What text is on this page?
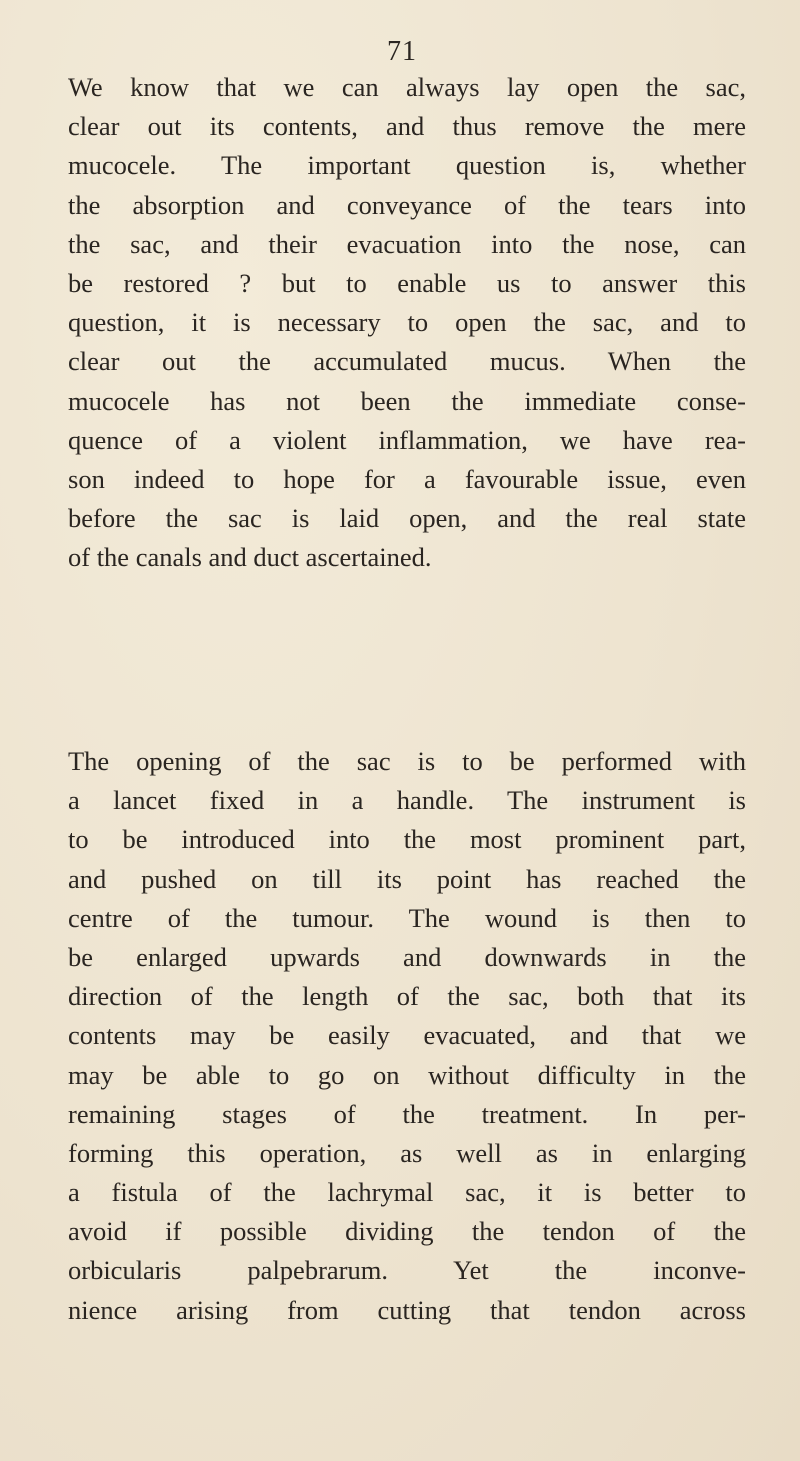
71
We know that we can always lay open the sac,
clear out its contents, and thus remove the mere
mucocele. The important question is, whether
the absorption and conveyance of the tears into
the sac, and their evacuation into the nose, can
be restored ? but to enable us to answer this
question, it is necessary to open the sac, and to
clear out the accumulated mucus. When the
mucocele has not been the immediate conse-
quence of a violent inflammation, we have rea-
son indeed to hope for a favourable issue, even
before the sac is laid open, and the real state
of the canals and duct ascertained.
The opening of the sac is to be performed with
a lancet fixed in a handle. The instrument is
to be introduced into the most prominent part,
and pushed on till its point has reached the
centre of the tumour. The wound is then to
be enlarged upwards and downwards in the
direction of the length of the sac, both that its
contents may be easily evacuated, and that we
may be able to go on without difficulty in the
remaining stages of the treatment. In per-
forming this operation, as well as in enlarging
a fistula of the lachrymal sac, it is better to
avoid if possible dividing the tendon of the
orbicularis palpebrarum. Yet the inconve-
nience arising from cutting that tendon across
